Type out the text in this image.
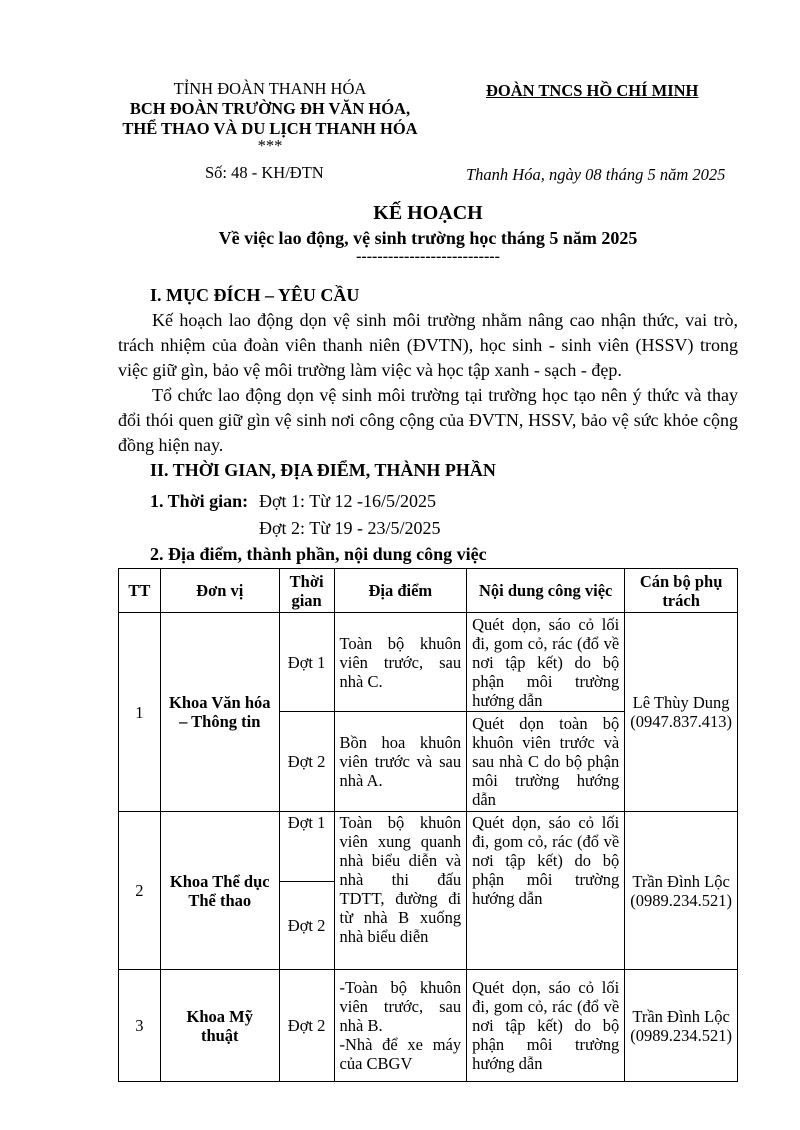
TỈNH ĐOÀN THANH HÓA
BCH ĐOÀN TRƯỜNG ĐH VĂN HÓA,
THỂ THAO VÀ DU LỊCH THANH HÓA
***
Số: 48 - KH/ĐTN
ĐOÀN TNCS HỒ CHÍ MINH
Thanh Hóa, ngày 08 tháng 5 năm 2025
KẾ HOẠCH
Về việc lao động, vệ sinh trường học tháng 5 năm 2025
---------------------------
I. MỤC ĐÍCH – YÊU CẦU
Kế hoạch lao động dọn vệ sinh môi trường nhằm nâng cao nhận thức, vai trò, trách nhiệm của đoàn viên thanh niên (ĐVTN), học sinh - sinh viên (HSSV) trong việc giữ gìn, bảo vệ môi trường làm việc và học tập xanh - sạch - đẹp.
Tổ chức lao động dọn vệ sinh môi trường tại trường học tạo nên ý thức và thay đổi thói quen giữ gìn vệ sinh nơi công cộng của ĐVTN, HSSV, bảo vệ sức khỏe cộng đồng hiện nay.
II. THỜI GIAN, ĐỊA ĐIỂM, THÀNH PHẦN
1. Thời gian: Đợt 1: Từ 12 -16/5/2025
Đợt 2: Từ 19 - 23/5/2025
2. Địa điểm, thành phần, nội dung công việc
TT	Đơn vị	Thời gian	Địa điểm	Nội dung công việc	Cán bộ phụ trách
1	Khoa Văn hóa – Thông tin	Đợt 1	Toàn bộ khuôn viên trước, sau nhà C.	Quét dọn, sáo cỏ lối đi, gom cỏ, rác (đổ về nơi tập kết) do bộ phận môi trường hướng dẫn	Lê Thùy Dung (0947.837.413)
		Đợt 2	Bồn hoa khuôn viên trước và sau nhà A.	Quét dọn toàn bộ khuôn viên trước và sau nhà C do bộ phận môi trường hướng dẫn	
2	Khoa Thể dục Thể thao	Đợt 1	Toàn bộ khuôn viên xung quanh nhà biểu diễn và nhà thi đấu TDTT, đường đi từ nhà B xuống nhà biểu diễn	Quét dọn, sáo cỏ lối đi, gom cỏ, rác (đổ về nơi tập kết) do bộ phận môi trường hướng dẫn	Trần Đình Lộc (0989.234.521)
		Đợt 2			
3	Khoa Mỹ thuật	Đợt 2	-Toàn bộ khuôn viên trước, sau nhà B.
-Nhà để xe máy của CBGV	Quét dọn, sáo cỏ lối đi, gom cỏ, rác (đổ về nơi tập kết) do bộ phận môi trường hướng dẫn	Trần Đình Lộc (0989.234.521)
